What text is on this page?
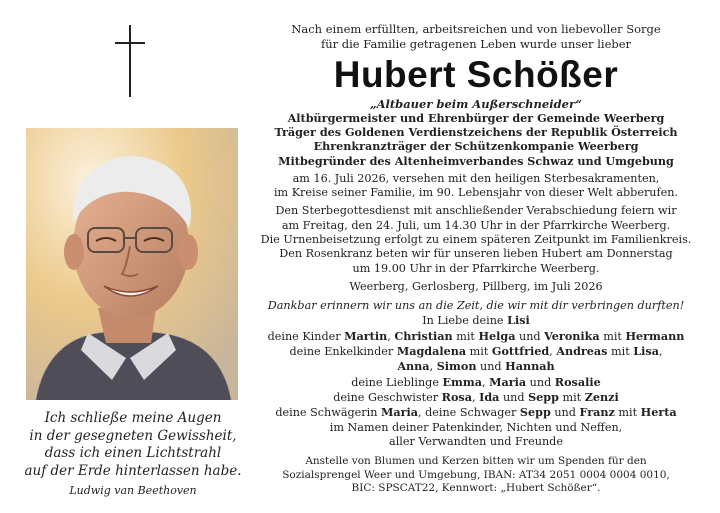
Ich schließe meine Augen
in der gesegneten Gewissheit,
dass ich einen Lichtstrahl
auf der Erde hinterlassen habe.
Ludwig van Beethoven
Nach einem erfüllten, arbeitsreichen und von liebevoller Sorge
für die Familie getragenen Leben wurde unser lieber
Hubert Schößer
„Altbauer beim Außerschneider“
Altbürgermeister und Ehrenbürger der Gemeinde Weerberg
Träger des Goldenen Verdienstzeichens der Republik Österreich
Ehrenkranzträger der Schützenkompanie Weerberg
Mitbegründer des Altenheimverbandes Schwaz und Umgebung
am 16. Juli 2026, versehen mit den heiligen Sterbesakramenten,
im Kreise seiner Familie, im 90. Lebensjahr von dieser Welt abberufen.
Den Sterbegottesdienst mit anschließender Verabschiedung feiern wir
am Freitag, den 24. Juli, um 14.30 Uhr in der Pfarrkirche Weerberg.
Die Urnenbeisetzung erfolgt zu einem späteren Zeitpunkt im Familienkreis.
Den Rosenkranz beten wir für unseren lieben Hubert am Donnerstag
um 19.00 Uhr in der Pfarrkirche Weerberg.
Weerberg, Gerlosberg, Pillberg, im Juli 2026
Dankbar erinnern wir uns an die Zeit, die wir mit dir verbringen durften!
In Liebe deine Lisi
deine Kinder Martin, Christian mit Helga und Veronika mit Hermann
deine Enkelkinder Magdalena mit Gottfried, Andreas mit Lisa,
Anna, Simon und Hannah
deine Lieblinge Emma, Maria und Rosalie
deine Geschwister Rosa, Ida und Sepp mit Zenzi
deine Schwägerin Maria, deine Schwager Sepp und Franz mit Herta
im Namen deiner Patenkinder, Nichten und Neffen,
aller Verwandten und Freunde
Anstelle von Blumen und Kerzen bitten wir um Spenden für den
Sozialsprengel Weer und Umgebung, IBAN: AT34 2051 0004 0004 0010,
BIC: SPSCAT22, Kennwort: „Hubert Schößer“.
